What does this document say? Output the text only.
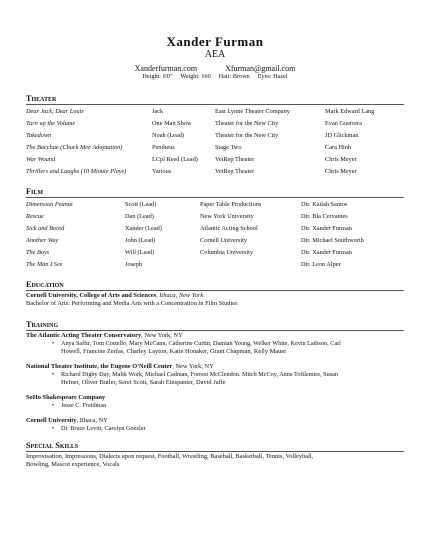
Xander Furman

AEA

Xanderfurman.com	Xfurman@gmail.com
Height: 6'0" Weight: 160 Hair: Brown Eyes: Hazel

Theater

Dear Jack, Dear Louis	Jack	East Lynne Theater Company	Mark Edward Lang
Turn up the Volume	One Man Show	Theater for the New City	Evan Guerrera
Takedown	Noah (Lead)	Theater for the New City	JD Glickman
The Bacchae (Chuck Mee Adaptation)	Pentheus	Stage Two	Cara Hinh
War Wound	LCpl Reed (Lead)	VetRep Theater	Chris Meyer
Thrillers and Laughs (10 Minute Plays)	Various	VetRep Theater	Chris Meyer

Film

Dimension Peanut	Scott (Lead)	Paper Table Productions	Dir. Kailah Santos
Rescue	Dan (Lead)	New York University	Dir. Bla Cervantes
Sick and Bored	Xander (Lead)	Atlantic Acting School	Dir. Xander Furman
Another Way	John (Lead)	Cornell University	Dir. Michael Southworth
The Boys	Will (Lead)	Columbia University	Dir. Xander Furman
The Man I See	Joseph		Dir. Leon Alper

Education

Cornell University, College of Arts and Sciences, Ithaca, New York

Bachelor of Arts: Performing and Media Arts with a Concentration in Film Studies

Training

The Atlantic Acting Theater Conservatory, New York, NY

• Anya Saffir, Tom Costello, Mary McCann, Catherine Curtin, Damian Young, Welker White, Kevin Laibson, Carl

Howell, Francine Zerfas, Charley Layton, Katie Honaker, Grant Chapman, Kelly Mauer

National Theater Institute, the Eugene O'Neill Center, New York, NY

• Richard Digby Day, Malik Work, Michael Cadman, Forrest McClendon. Mitch McCoy, Anne Toftlemire, Susan

Hefner, Oliver Butler, Seret Scott, Sarah Einspanier, David Jaffe

SoHo Shakespeare Company

• Jesse C. Freidman

Cornell University, Ithaca, NY

• Dr. Bruce Levitt, Carolyn Goezler

Special Skills

Improvisation, Impressions, Dialects upon request, Football, Wrestling, Baseball, Basketball, Tennis, Volleyball,

Bowling, Mascot experience, Vocals
